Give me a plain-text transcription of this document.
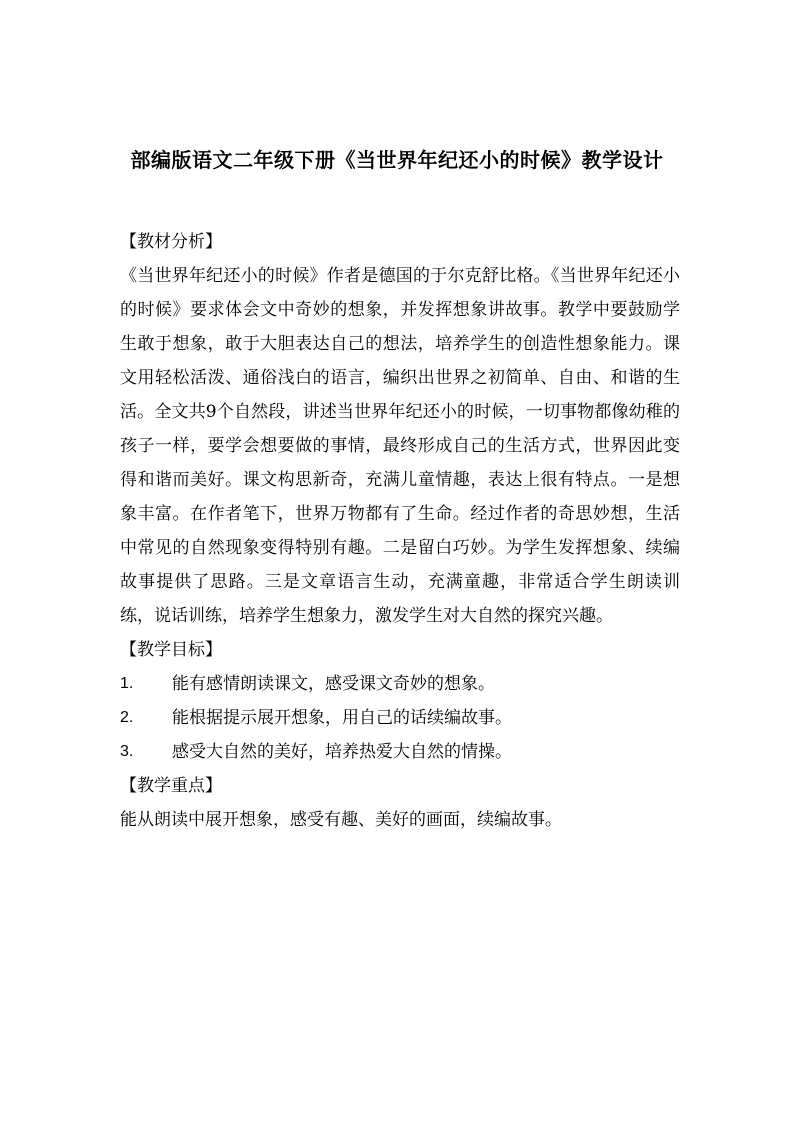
部编版语文二年级下册《当世界年纪还小的时候》教学设计

【教材分析】

《当世界年纪还小的时候》作者是德国的于尔克舒比格。《当世界年纪还小的时候》要求体会文中奇妙的想象，并发挥想象讲故事。教学中要鼓励学生敢于想象，敢于大胆表达自己的想法，培养学生的创造性想象能力。课文用轻松活泼、通俗浅白的语言，编织出世界之初简单、自由、和谐的生活。全文共9个自然段，讲述当世界年纪还小的时候，一切事物都像幼稚的孩子一样，要学会想要做的事情，最终形成自己的生活方式，世界因此变得和谐而美好。课文构思新奇，充满儿童情趣，表达上很有特点。一是想象丰富。在作者笔下，世界万物都有了生命。经过作者的奇思妙想，生活中常见的自然现象变得特别有趣。二是留白巧妙。为学生发挥想象、续编故事提供了思路。三是文章语言生动，充满童趣，非常适合学生朗读训练，说话训练，培养学生想象力，激发学生对大自然的探究兴趣。

【教学目标】

1.	能有感情朗读课文，感受课文奇妙的想象。
2.	能根据提示展开想象，用自己的话续编故事。
3.	感受大自然的美好，培养热爱大自然的情操。

【教学重点】

能从朗读中展开想象，感受有趣、美好的画面，续编故事。
